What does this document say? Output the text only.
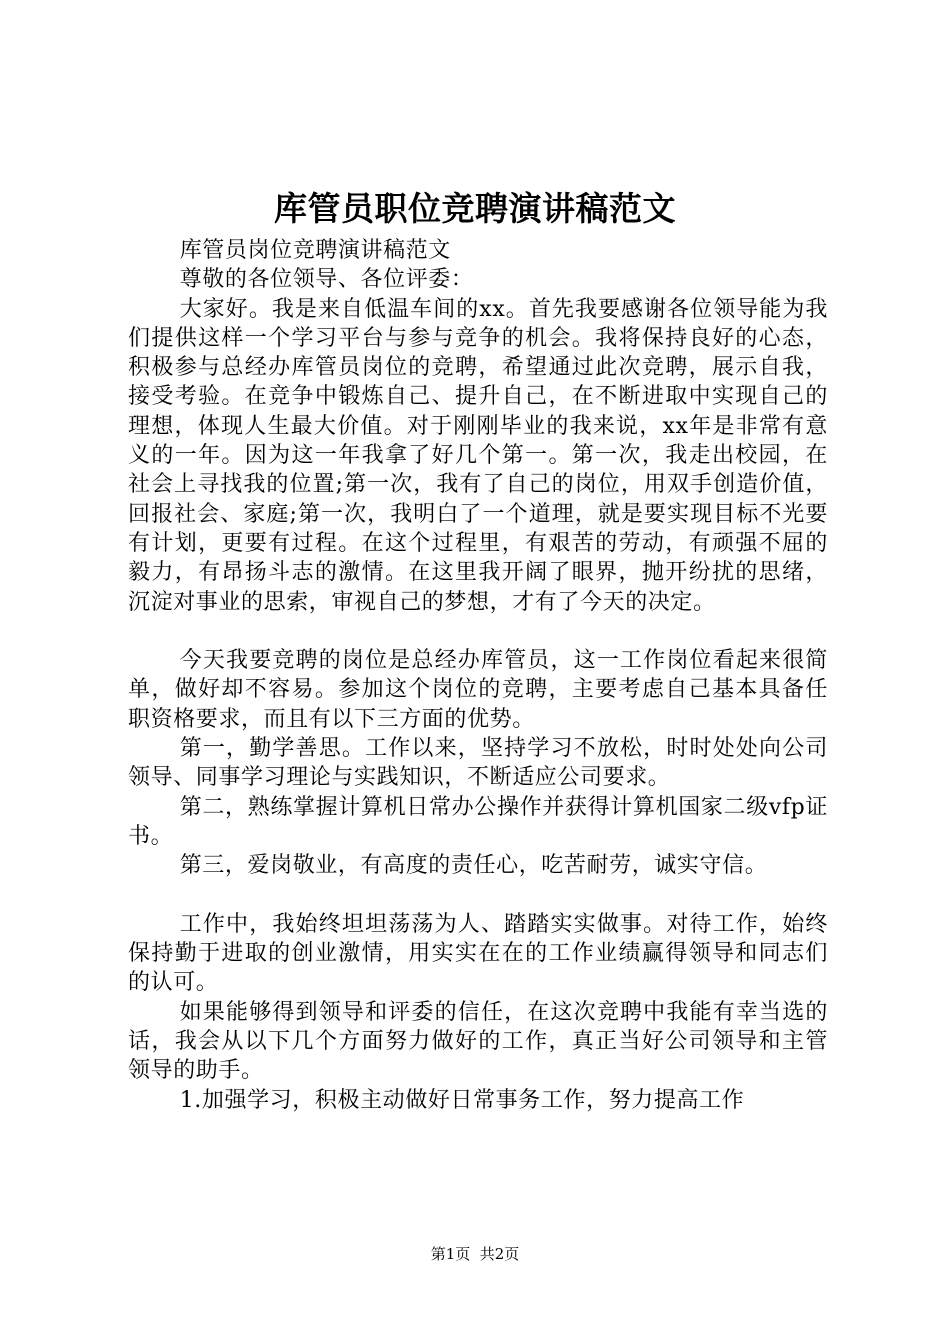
库管员职位竞聘演讲稿范文

库管员岗位竞聘演讲稿范文

尊敬的各位领导、各位评委：

大家好。我是来自低温车间的xx。首先我要感谢各位领导能为我们提供这样一个学习平台与参与竞争的机会。我将保持良好的心态，积极参与总经办库管员岗位的竞聘，希望通过此次竞聘，展示自我，接受考验。在竞争中锻炼自己、提升自己，在不断进取中实现自己的理想，体现人生最大价值。对于刚刚毕业的我来说，xx年是非常有意义的一年。因为这一年我拿了好几个第一。第一次，我走出校园，在社会上寻找我的位置;第一次，我有了自己的岗位，用双手创造价值，回报社会、家庭;第一次，我明白了一个道理，就是要实现目标不光要有计划，更要有过程。在这个过程里，有艰苦的劳动，有顽强不屈的毅力，有昂扬斗志的激情。在这里我开阔了眼界，抛开纷扰的思绪，沉淀对事业的思索，审视自己的梦想，才有了今天的决定。

今天我要竞聘的岗位是总经办库管员，这一工作岗位看起来很简单，做好却不容易。参加这个岗位的竞聘，主要考虑自己基本具备任职资格要求，而且有以下三方面的优势。

第一，勤学善思。工作以来，坚持学习不放松，时时处处向公司领导、同事学习理论与实践知识，不断适应公司要求。

第二，熟练掌握计算机日常办公操作并获得计算机国家二级vfp证书。

第三，爱岗敬业，有高度的责任心，吃苦耐劳，诚实守信。

工作中，我始终坦坦荡荡为人、踏踏实实做事。对待工作，始终保持勤于进取的创业激情，用实实在在的工作业绩赢得领导和同志们的认可。

如果能够得到领导和评委的信任，在这次竞聘中我能有幸当选的话，我会从以下几个方面努力做好的工作，真正当好公司领导和主管领导的助手。

1.加强学习，积极主动做好日常事务工作，努力提高工作

第1页  共2页
